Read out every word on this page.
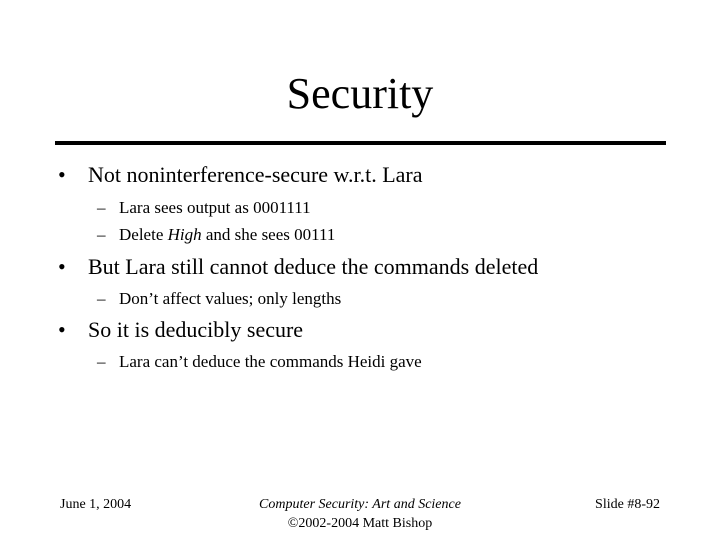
Security
• Not noninterference-secure w.r.t. Lara
– Lara sees output as 0001111
– Delete High and she sees 00111
• But Lara still cannot deduce the commands deleted
– Don’t affect values; only lengths
• So it is deducibly secure
– Lara can’t deduce the commands Heidi gave
June 1, 2004	Computer Security: Art and Science
©2002-2004 Matt Bishop
Slide #8-92
